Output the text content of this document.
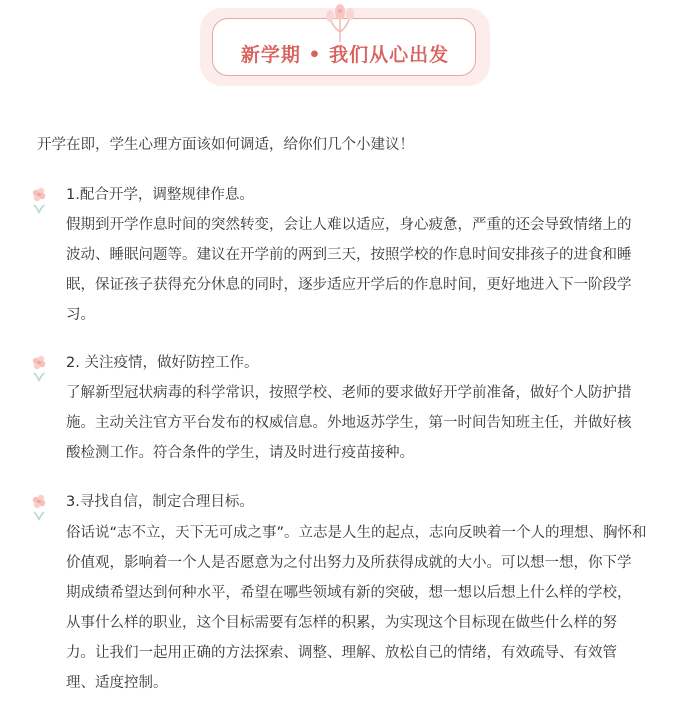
新学期 • 我们从心出发
开学在即，学生心理方面该如何调适，给你们几个小建议！
1.配合开学，调整规律作息。
假期到开学作息时间的突然转变，会让人难以适应，身心疲惫，严重的还会导致情绪上的
波动、睡眠问题等。建议在开学前的两到三天，按照学校的作息时间安排孩子的进食和睡
眠，保证孩子获得充分休息的同时，逐步适应开学后的作息时间，更好地进入下一阶段学
习。
2. 关注疫情，做好防控工作。
了解新型冠状病毒的科学常识，按照学校、老师的要求做好开学前准备，做好个人防护措
施。主动关注官方平台发布的权威信息。外地返苏学生，第一时间告知班主任，并做好核
酸检测工作。符合条件的学生，请及时进行疫苗接种。
3.寻找自信，制定合理目标。
俗话说“志不立，天下无可成之事”。立志是人生的起点，志向反映着一个人的理想、胸怀和
价值观，影响着一个人是否愿意为之付出努力及所获得成就的大小。可以想一想，你下学
期成绩希望达到何种水平，希望在哪些领域有新的突破，想一想以后想上什么样的学校，
从事什么样的职业，这个目标需要有怎样的积累，为实现这个目标现在做些什么样的努
力。让我们一起用正确的方法探索、调整、理解、放松自己的情绪，有效疏导、有效管
理、适度控制。
